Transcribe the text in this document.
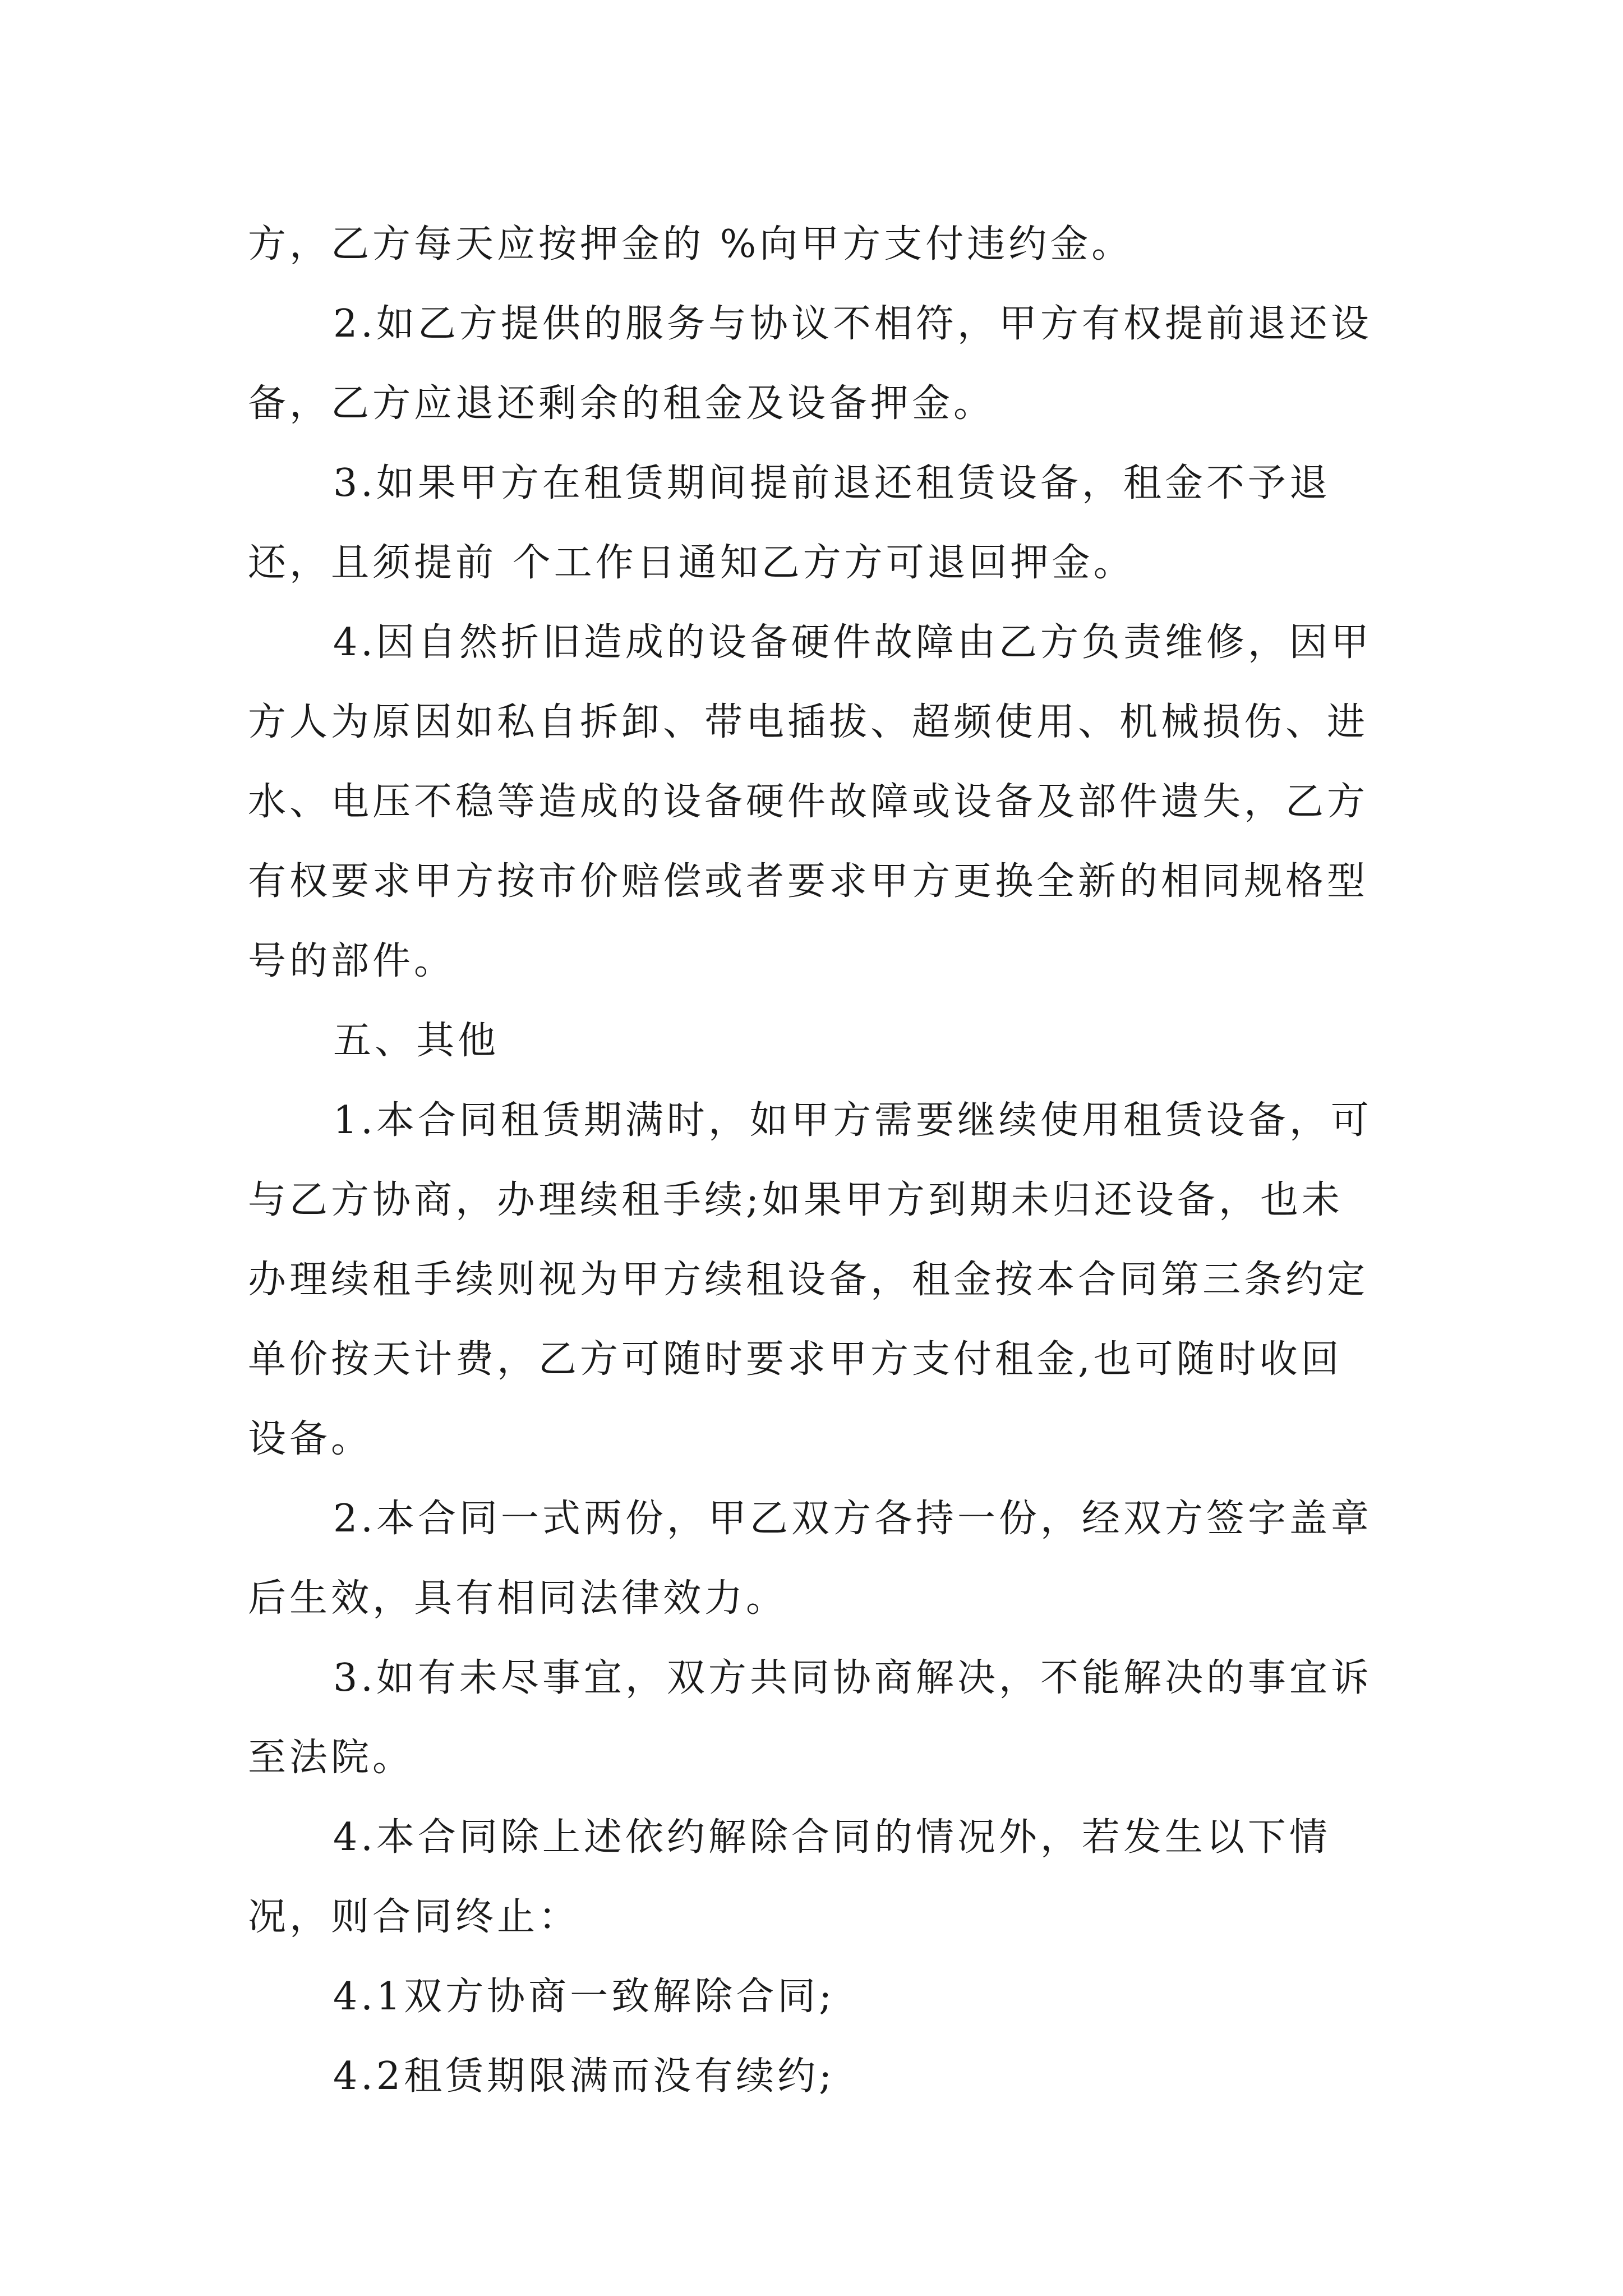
方，乙方每天应按押金的 %向甲方支付违约金。

2.如乙方提供的服务与协议不相符，甲方有权提前退还设备，乙方应退还剩余的租金及设备押金。

3.如果甲方在租赁期间提前退还租赁设备，租金不予退还，且须提前 个工作日通知乙方方可退回押金。

4.因自然折旧造成的设备硬件故障由乙方负责维修，因甲方人为原因如私自拆卸、带电插拔、超频使用、机械损伤、进水、电压不稳等造成的设备硬件故障或设备及部件遗失，乙方有权要求甲方按市价赔偿或者要求甲方更换全新的相同规格型号的部件。

五、其他

1.本合同租赁期满时，如甲方需要继续使用租赁设备，可与乙方协商，办理续租手续;如果甲方到期未归还设备，也未办理续租手续则视为甲方续租设备，租金按本合同第三条约定单价按天计费，乙方可随时要求甲方支付租金,也可随时收回设备。

2.本合同一式两份，甲乙双方各持一份，经双方签字盖章后生效，具有相同法律效力。

3.如有未尽事宜，双方共同协商解决，不能解决的事宜诉至法院。

4.本合同除上述依约解除合同的情况外，若发生以下情况，则合同终止：

4.1双方协商一致解除合同;

4.2租赁期限满而没有续约;
